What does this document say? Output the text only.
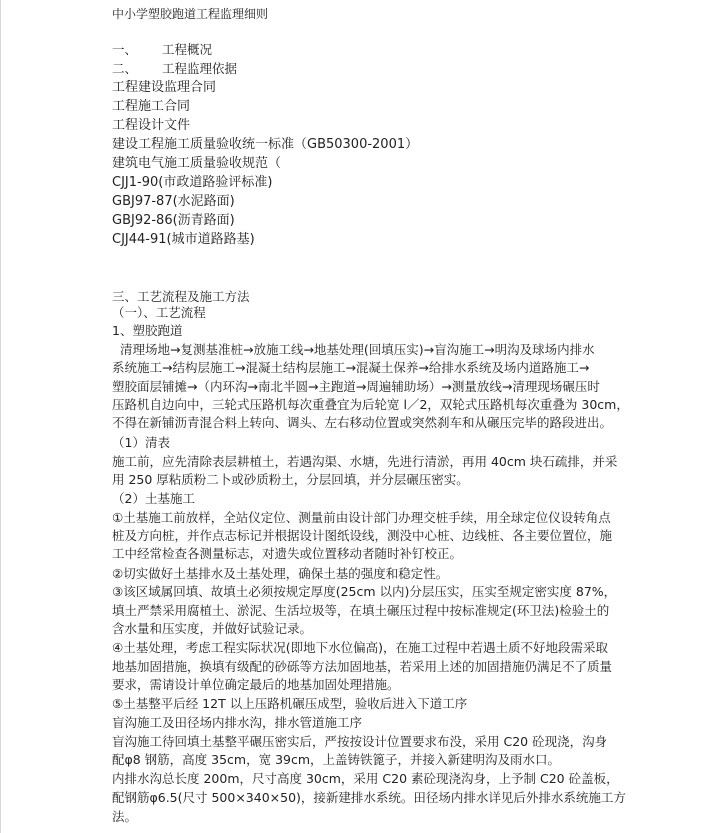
中小学塑胶跑道工程监理细则
一、 工程概况
二、 工程监理依据
工程建设监理合同
工程施工合同
工程设计文件
建设工程施工质量验收统一标准（GB50300-2001）
建筑电气施工质量验收规范（
CJJ1-90(市政道路验评标准)
GBJ97-87(水泥路面)
GBJ92-86(沥青路面)
CJJ44-91(城市道路路基)
三、工艺流程及施工方法
（一）、工艺流程
1、塑胶跑道
清理场地→复测基准桩→放施工线→地基处理(回填压实)→盲沟施工→明沟及球场内排水
系统施工→结构层施工→混凝土结构层施工→混凝土保养→给排水系统及场内道路施工→
塑胶面层铺摊→（内环沟→南北半圆→主跑道→周遍辅助场）→测量放线→清理现场碾压时
压路机自边向中，三轮式压路机每次重叠宜为后轮宽 l／2，双轮式压路机每次重叠为 30cm，
不得在新铺沥青混合料上转向、调头、左右移动位置或突然刹车和从碾压完毕的路段进出。
（1）清表
施工前，应先清除表层耕植土，若遇沟渠、水塘，先进行清淤，再用 40cm 块石疏排，并采
用 250 厚粘质粉二卜或砂质粉土，分层回填，并分层碾压密实。
（2）土基施工
①土基施工前放样，全站仪定位、测量前由设计部门办理交桩手续，用全球定位仪设转角点
桩及方向桩，并作点志标记并根据设计图纸设线，测没中心桩、边线桩、各主要位置位，施
工中经常检查各测量标志，对遗失或位置移动者随时补钉校正。
②切实做好土基排水及土基处理，确保土基的强度和稳定性。
③该区域属回填、故填土必须按规定厚度(25cm 以内)分层压实，压实至规定密实度 87%，
填土严禁采用腐植土、淤泥、生活垃圾等，在填土碾压过程中按标准规定(环卫法)检验土的
含水量和压实度，并做好试验记录。
④土基处理，考虑工程实际状况(即地下水位偏高)，在施工过程中若遇土质不好地段需采取
地基加固措施，换填有级配的砂砾等方法加固地基，若采用上述的加固措施仍满足不了质量
要求，需请设计单位确定最后的地基加固处理措施。
⑤土基整平后经 12T 以上压路机碾压成型，验收后进入下道工序
盲沟施工及田径场内排水沟，排水管道施工序
盲沟施工待回填土基整平碾压密实后，严按按设计位置要求布没，采用 C20 砼现浇，沟身
配φ8 钢筋，高度 35cm，宽 39cm，上盖铸铁篦子，并接入新建明沟及雨水口。
内排水沟总长度 200m，尺寸高度 30cm，采用 C20 素砼现浇沟身，上予制 C20 砼盖板，
配钢筋φ6.5(尺寸 500×340×50)，接新建排水系统。田径场内排水详见后外排水系统施工方
法。
